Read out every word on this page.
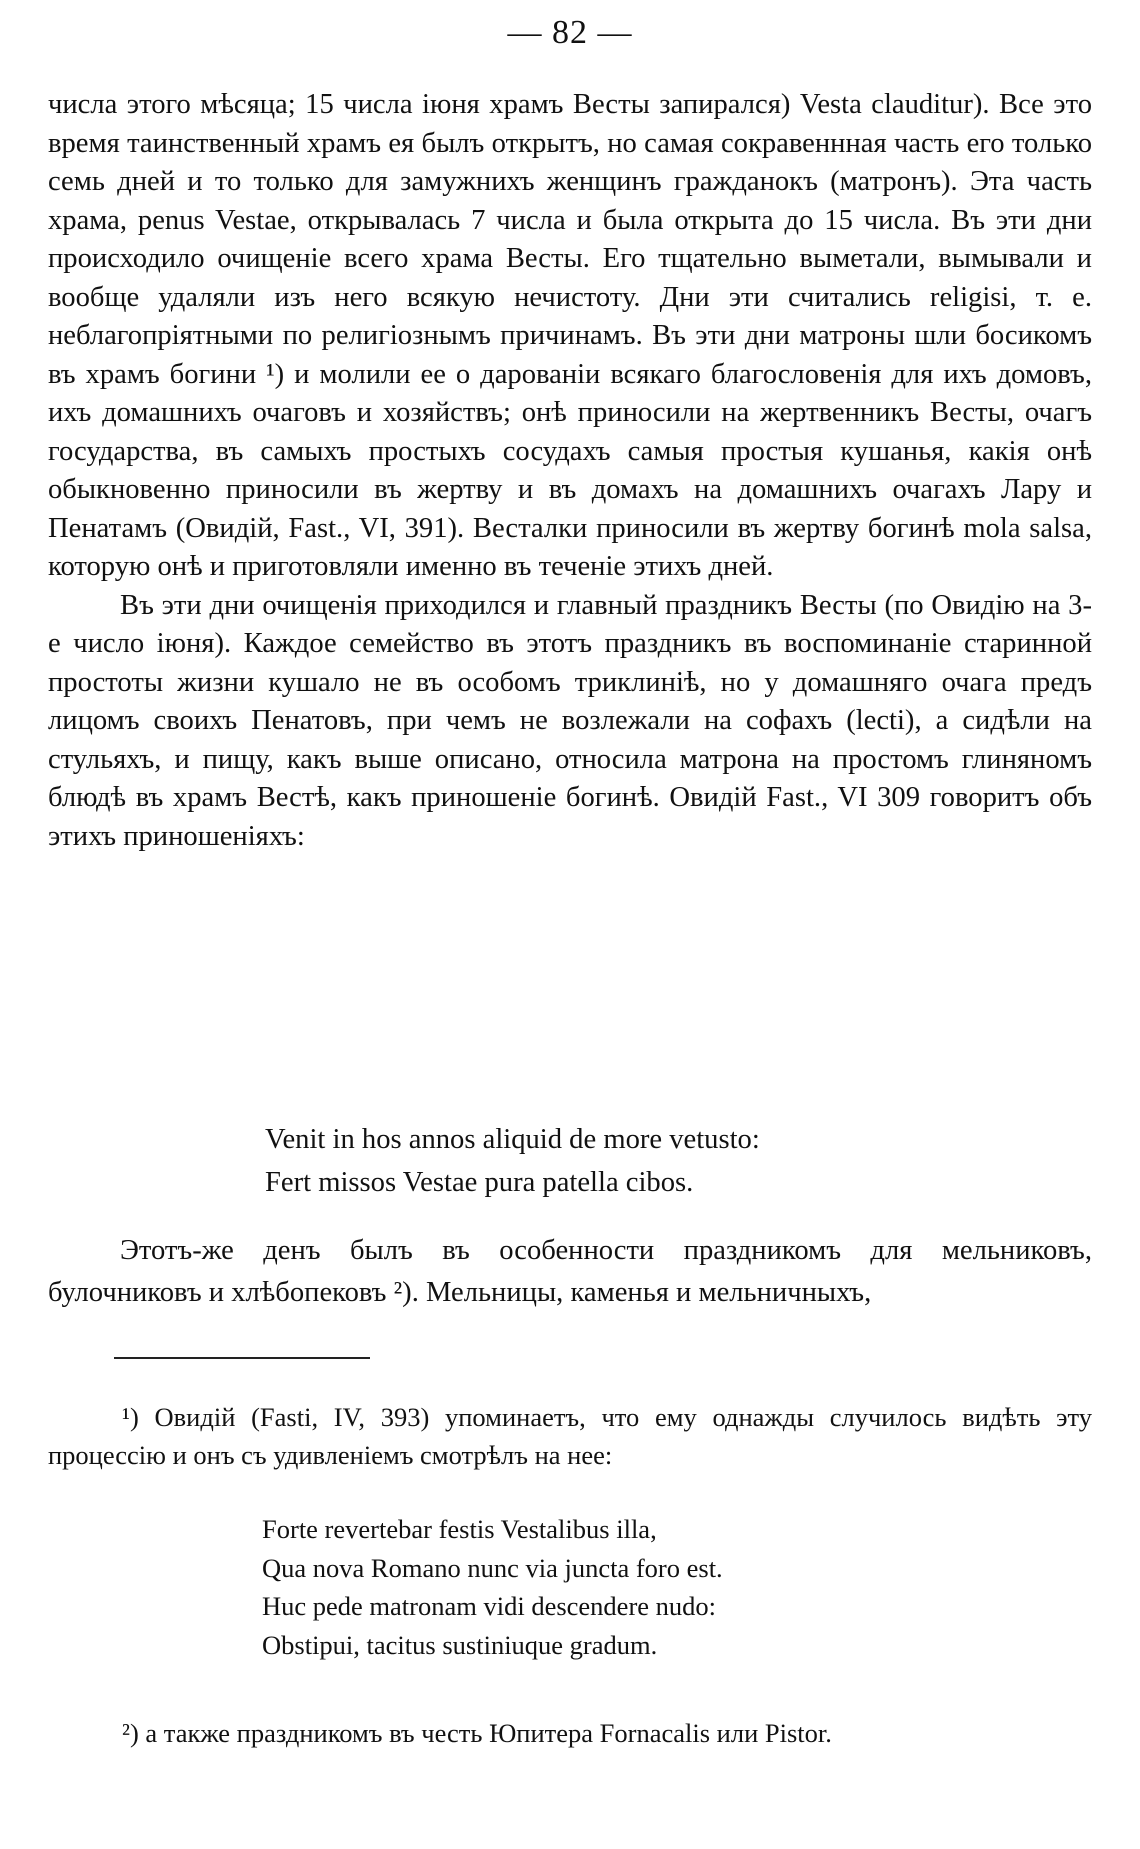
— 82 —

числа этого мѣсяца; 15 числа іюня храмъ Весты запирался) Vesta clauditur). Все это время таинственный храмъ ея былъ открытъ, но самая сокравеннная часть его только семь дней и то только для замужнихъ женщинъ гражданокъ (матронъ). Эта часть храма, penus Vestae, открывалась 7 числа и была открыта до 15 числа. Въ эти дни происходило очищеніе всего храма Весты. Его тщательно выметали, вымывали и вообще удаляли изъ него всякую нечистоту. Дни эти считались religisi, т. е. неблагопріятными по религіознымъ причинамъ. Въ эти дни матроны шли босикомъ въ храмъ богини ¹) и молили ее о дарованіи всякаго благословенія для ихъ домовъ, ихъ домашнихъ очаговъ и хозяйствъ; онѣ приносили на жертвенникъ Весты, очагъ государства, въ самыхъ простыхъ сосудахъ самыя простыя кушанья, какія онѣ обыкновенно приносили въ жертву и въ домахъ на домашнихъ очагахъ Лару и Пенатамъ (Овидій, Fast., VI, 391). Весталки приносили въ жертву богинѣ mola salsa, которую онѣ и приготовляли именно въ теченіе этихъ дней.

Въ эти дни очищенія приходился и главный праздникъ Весты (по Овидію на 3-е число іюня). Каждое семейство въ этотъ праздникъ въ воспоминаніе старинной простоты жизни кушало не въ особомъ триклиніѣ, но у домашняго очага предъ лицомъ своихъ Пенатовъ, при чемъ не возлежали на софахъ (lecti), а сидѣли на стульяхъ, и пищу, какъ выше описано, относила матрона на простомъ глиняномъ блюдѣ въ храмъ Вестѣ, какъ приношеніе богинѣ. Овидій Fast., VI 309 говоритъ объ этихъ приношеніяхъ:

Venit in hos annos aliquid de more vetusto:
Fert missos Vestae pura patella cibos.

Этотъ-же денъ былъ въ особенности праздникомъ для мельниковъ, булочниковъ и хлѣбопековъ ²). Мельницы, каменья и мельничныхъ,

¹) Овидій (Fasti, IV, 393) упоминаетъ, что ему однажды случилось видѣть эту процессію и онъ съ удивленіемъ смотрѣлъ на нее:

Forte revertebar festis Vestalibus illa,
Qua nova Romano nunc via juncta foro est.
Huc pede matronam vidi descendere nudo:
Obstipui, tacitus sustiniuque gradum.

²) а также праздникомъ въ честь Юпитера Fornacalis или Pistor.
